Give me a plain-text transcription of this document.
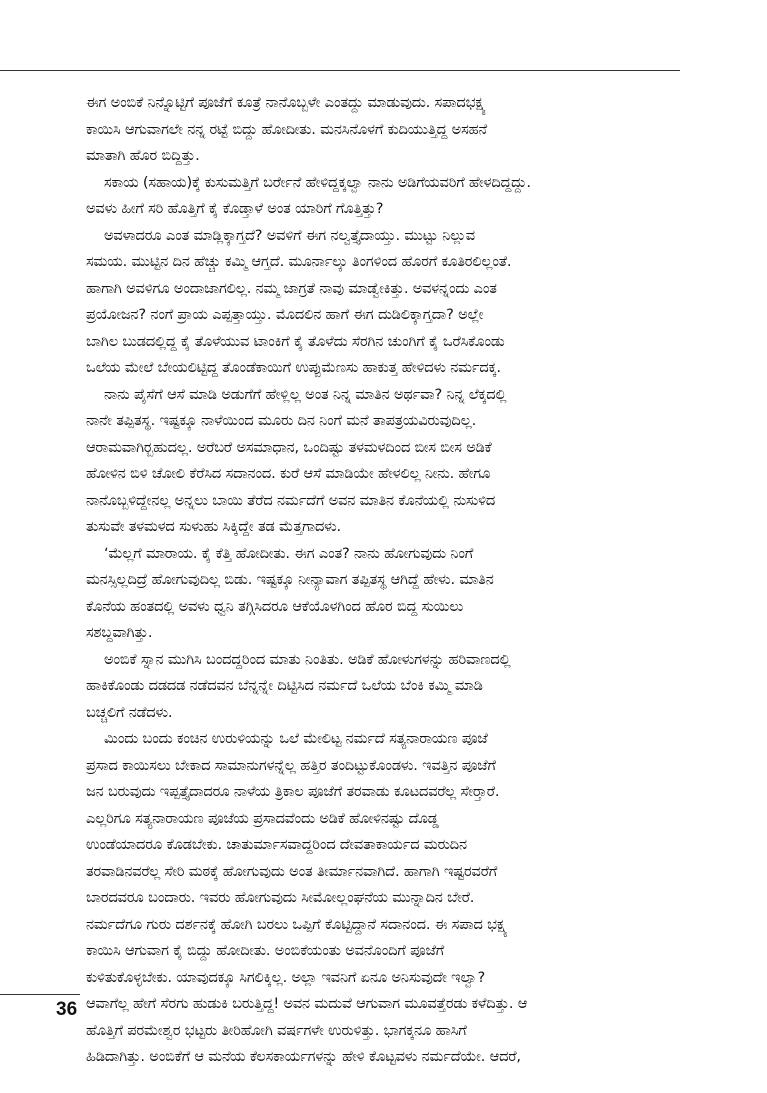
ಈಗ ಅಂಬಿಕೆ ನಿನ್ನೊಟ್ಟಿಗೆ ಪೂಜೆಗೆ ಕೂತ್ರೆ ನಾನೊಬ್ಬಳೇ ಎಂತದ್ದು ಮಾಡುವುದು. ಸಪಾದಭಕ್ಷ್ಯ
ಕಾಯಿಸಿ ಆಗುವಾಗಲೇ ನನ್ನ ರಟ್ಟೆ ಬಿದ್ದು ಹೋದೀತು. ಮನಸಿನೊಳಗೆ ಕುದಿಯುತ್ತಿದ್ದ ಅಸಹನೆ
ಮಾತಾಗಿ ಹೊರ ಬಿದ್ದಿತ್ತು.
ಸಕಾಯ (ಸಹಾಯ)ಕ್ಕೆ ಕುಸುಮತ್ತಿಗೆ ಬರ್ರೇನೆ ಹೇಳಿದ್ದಕ್ಕಲ್ವಾ ನಾನು ಅಡಿಗೆಯವರಿಗೆ ಹೇಳದಿದ್ದದ್ದು.
ಅವಳು ಹೀಗೆ ಸರಿ ಹೊತ್ತಿಗೆ ಕೈ ಕೊಡ್ತಾಳೆ ಅಂತ ಯಾರಿಗೆ ಗೊತ್ತಿತ್ತು?
ಅವಳಾದರೂ ಎಂತ ಮಾಡ್ಲಿಕ್ಕಾಗ್ತದೆ? ಅವಳಿಗೆ ಈಗ ನಲ್ವತ್ತೈದಾಯ್ತು. ಮುಟ್ಟು ನಿಲ್ಲುವ
ಸಮಯ. ಮುಟ್ಟಿನ ದಿನ ಹೆಚ್ಚು ಕಮ್ಮಿ ಆಗ್ತದೆ. ಮೂರ್ನಾಲ್ಕು ತಿಂಗಳಿಂದ ಹೊರಗೆ ಕೂತಿರಲಿಲ್ಲಂತೆ.
ಹಾಗಾಗಿ ಅವಳಿಗೂ ಅಂದಾಜಾಗಲಿಲ್ಲ. ನಮ್ಮ ಜಾಗ್ರತೆ ನಾವು ಮಾಡ್ವೇಕಿತ್ತು. ಅವಳನ್ನಂದು ಎಂತ
ಪ್ರಯೋಜನ? ನಂಗೆ ಪ್ರಾಯ ಎಪ್ಪತ್ತಾಯ್ತು. ಮೊದಲಿನ ಹಾಗೆ ಈಗ ದುಡಿಲಿಕ್ಕಾಗ್ತದಾ? ಅಲ್ಲೇ
ಬಾಗಿಲ ಬುಡದಲ್ಲಿದ್ದ ಕೈ ತೊಳೆಯುವ ಟಾಂಕಿಗೆ ಕೈ ತೊಳೆದು ಸೆರಗಿನ ಚುಂಗಿಗೆ ಕೈ ಒರೆಸಿಕೊಂಡು
ಒಲೆಯ ಮೇಲೆ ಬೇಯಲಿಟ್ಟಿದ್ದ ತೊಂಡೆಕಾಯಿಗೆ ಉಪ್ಪುಮೆಣಸು ಹಾಕುತ್ತ ಹೇಳಿದಳು ನರ್ಮದಕ್ಕ.
ನಾನು ಪೈಸೆಗೆ ಆಸೆ ಮಾಡಿ ಅಡುಗೆಗೆ ಹೇಳ್ಲಿಲ್ಲ ಅಂತ ನಿನ್ನ ಮಾತಿನ ಅರ್ಥವಾ? ನಿನ್ನ ಲೆಕ್ಕದಲ್ಲಿ
ನಾನೇ ತಪ್ಪಿತಸ್ಥ. ಇಷ್ಟಕ್ಕೂ ನಾಳೆಯಿಂದ ಮೂರು ದಿನ ನಿಂಗೆ ಮನೆ ತಾಪತ್ರಯವಿರುವುದಿಲ್ಲ.
ಆರಾಮವಾಗಿರ್‍ಬಹುದಲ್ಲ. ಅರೆಬರೆ ಅಸಮಾಧಾನ, ಒಂದಿಷ್ಟು ತಳಮಳದಿಂದ ಬೀಸ ಬೀಸ ಅಡಿಕೆ
ಹೋಳಿನ ಬಿಳಿ ಚೋಲಿ ಕೆರೆಸಿದ ಸದಾನಂದ. ಕುರೆ ಆಸೆ ಮಾಡಿಯೇ ಹೇಳಲಿಲ್ಲ ನೀನು. ಹೇಗೂ
ನಾನೊಬ್ಬಳಿದ್ದೇನಲ್ಲ ಅನ್ನಲು ಬಾಯಿ ತೆರೆದ ನರ್ಮದೆಗೆ ಅವನ ಮಾತಿನ ಕೊನೆಯಲ್ಲಿ ನುಸುಳಿದ
ತುಸುವೇ ತಳಮಳದ ಸುಳುಹು ಸಿಕ್ಕಿದ್ದೇ ತಡ ಮೆತ್ತಗಾದಳು.
‘ಮೆಲ್ಲಗೆ ಮಾರಾಯ. ಕೈ ಕೆತ್ತಿ ಹೋದೀತು. ಈಗ ಎಂತ? ನಾನು ಹೋಗುವುದು ನಿಂಗೆ
ಮನಸ್ಸಿಲ್ಲದಿದ್ರೆ ಹೋಗುವುದಿಲ್ಲ ಬಿಡು. ಇಷ್ಟಕ್ಕೂ ನೀನ್ಯಾವಾಗ ತಪ್ಪಿತಸ್ಥ ಆಗಿದ್ದೆ ಹೇಳು. ಮಾತಿನ
ಕೊನೆಯ ಹಂತದಲ್ಲಿ ಅವಳು ಧ್ವನಿ ತಗ್ಗಿಸಿದರೂ ಆಕೆಯೊಳಗಿಂದ ಹೊರ ಬಿದ್ದ ಸುಯಿಲು
ಸಶಬ್ದವಾಗಿತ್ತು.
ಅಂಬಿಕೆ ಸ್ನಾನ ಮುಗಿಸಿ ಬಂದದ್ದರಿಂದ ಮಾತು ನಿಂತಿತು. ಅಡಿಕೆ ಹೋಳುಗಳನ್ನು ಹರಿವಾಣದಲ್ಲಿ
ಹಾಕಿಕೊಂಡು ದಡದಡ ನಡೆದವನ ಬೆನ್ನನ್ನೇ ದಿಟ್ಟಿಸಿದ ನರ್ಮದೆ ಒಲೆಯ ಬೆಂಕಿ ಕಮ್ಮಿ ಮಾಡಿ
ಬಚ್ಚಲಿಗೆ ನಡೆದಳು.
ಮಿಂದು ಬಂದು ಕಂಚಿನ ಉರುಳಿಯನ್ನು ಒಲೆ ಮೇಲಿಟ್ಟ ನರ್ಮದೆ ಸತ್ಯನಾರಾಯಣ ಪೂಜೆ
ಪ್ರಸಾದ ಕಾಯಿಸಲು ಬೇಕಾದ ಸಾಮಾನುಗಳನ್ನೆಲ್ಲ ಹತ್ತಿರ ತಂದಿಟ್ಟುಕೊಂಡಳು. ಇವತ್ತಿನ ಪೂಜೆಗೆ
ಜನ ಬರುವುದು ಇಪ್ಪತ್ತೈದಾದರೂ ನಾಳೆಯ ತ್ರಿಕಾಲ ಪೂಜೆಗೆ ತರವಾಡು ಕೂಟದವರೆಲ್ಲ ಸೇರ್‍ತಾರೆ.
ಎಲ್ಲರಿಗೂ ಸತ್ಯನಾರಾಯಣ ಪೂಜೆಯ ಪ್ರಸಾದವೆಂದು ಅಡಿಕೆ ಹೋಳಿನಷ್ಟು ದೊಡ್ಡ
ಉಂಡೆಯಾದರೂ ಕೊಡಬೇಕು. ಚಾತುರ್ಮಾಸವಾದ್ದರಿಂದ ದೇವತಾಕಾರ್ಯದ ಮರುದಿನ
ತರವಾಡಿನವರೆಲ್ಲ ಸೇರಿ ಮಠಕ್ಕೆ ಹೋಗುವುದು ಅಂತ ತೀರ್ಮಾನವಾಗಿದೆ. ಹಾಗಾಗಿ ಇಷ್ಟರವರೆಗೆ
ಬಾರದವರೂ ಬಂದಾರು. ಇವರು ಹೋಗುವುದು ಸೀಮೋಲ್ಲಂಘನೆಯ ಮುನ್ನಾದಿನ ಬೇರೆ.
ನರ್ಮದೆಗೂ ಗುರು ದರ್ಶನಕ್ಕೆ ಹೋಗಿ ಬರಲು ಒಪ್ಪಿಗೆ ಕೊಟ್ಟಿದ್ದಾನೆ ಸದಾನಂದ. ಈ ಸಪಾದ ಭಕ್ಷ್ಯ
ಕಾಯಿಸಿ ಆಗುವಾಗ ಕೈ ಬಿದ್ದು ಹೋದೀತು. ಅಂಬಿಕೆಯಂತು ಅವನೊಂದಿಗೆ ಪೂಜೆಗೆ
ಕುಳಿತುಕೊಳ್ಳಬೇಕು. ಯಾವುದಕ್ಕೂ ಸಿಗಲಿಕ್ಕಿಲ್ಲ. ಅಲ್ಲಾ ಇವನಿಗೆ ಏನೂ ಅನಿಸುವುದೇ ಇಲ್ವಾ?
ಆವಾಗೆಲ್ಲ ಹೇಗೆ ಸೆರಗು ಹುಡುಕಿ ಬರುತ್ತಿದ್ದ! ಅವನ ಮದುವೆ ಆಗುವಾಗ ಮೂವತ್ತೆರಡು ಕಳೆದಿತ್ತು. ಆ
ಹೊತ್ತಿಗೆ ಪರಮೇಶ್ವರ ಭಟ್ಟರು ತೀರಿಹೋಗಿ ವರ್ಷಗಳೇ ಉರುಳಿತ್ತು. ಭಾಗಕ್ಕನೂ ಹಾಸಿಗೆ
ಹಿಡಿದಾಗಿತ್ತು. ಅಂಬಿಕೆಗೆ ಆ ಮನೆಯ ಕೆಲಸಕಾರ್ಯಗಳನ್ನು ಹೇಳಿ ಕೊಟ್ಟವಳು ನರ್ಮದೆಯೇ. ಆದರೆ,
36
